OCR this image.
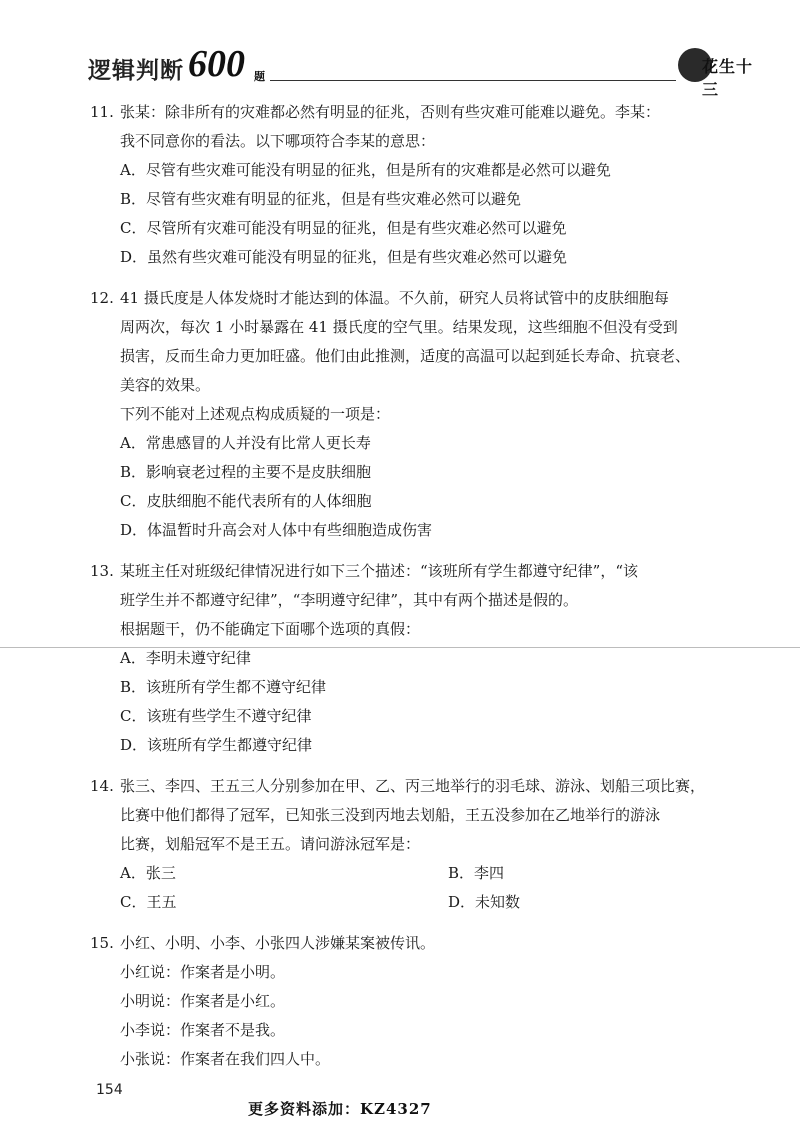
逻辑判断 600 题
花生十三
11. 张某：除非所有的灾难都必然有明显的征兆，否则有些灾难可能难以避免。李某：
我不同意你的看法。以下哪项符合李某的意思：
A．尽管有些灾难可能没有明显的征兆，但是所有的灾难都是必然可以避免
B．尽管有些灾难有明显的征兆，但是有些灾难必然可以避免
C．尽管所有灾难可能没有明显的征兆，但是有些灾难必然可以避免
D．虽然有些灾难可能没有明显的征兆，但是有些灾难必然可以避免
12. 41 摄氏度是人体发烧时才能达到的体温。不久前，研究人员将试管中的皮肤细胞每
周两次，每次 1 小时暴露在 41 摄氏度的空气里。结果发现，这些细胞不但没有受到
损害，反而生命力更加旺盛。他们由此推测，适度的高温可以起到延长寿命、抗衰老、
美容的效果。
下列不能对上述观点构成质疑的一项是：
A．常患感冒的人并没有比常人更长寿
B．影响衰老过程的主要不是皮肤细胞
C．皮肤细胞不能代表所有的人体细胞
D．体温暂时升高会对人体中有些细胞造成伤害
13. 某班主任对班级纪律情况进行如下三个描述：“该班所有学生都遵守纪律”，“该
班学生并不都遵守纪律”，“李明遵守纪律”，其中有两个描述是假的。
根据题干，仍不能确定下面哪个选项的真假：
A．李明未遵守纪律
B．该班所有学生都不遵守纪律
C．该班有些学生不遵守纪律
D．该班所有学生都遵守纪律
14. 张三、李四、王五三人分别参加在甲、乙、丙三地举行的羽毛球、游泳、划船三项比赛，
比赛中他们都得了冠军，已知张三没到丙地去划船，王五没参加在乙地举行的游泳
比赛，划船冠军不是王五。请问游泳冠军是：
A．张三	B．李四
C．王五	D．未知数
15. 小红、小明、小李、小张四人涉嫌某案被传讯。
小红说：作案者是小明。
小明说：作案者是小红。
小李说：作案者不是我。
小张说：作案者在我们四人中。
154
更多资料添加：KZ4327
